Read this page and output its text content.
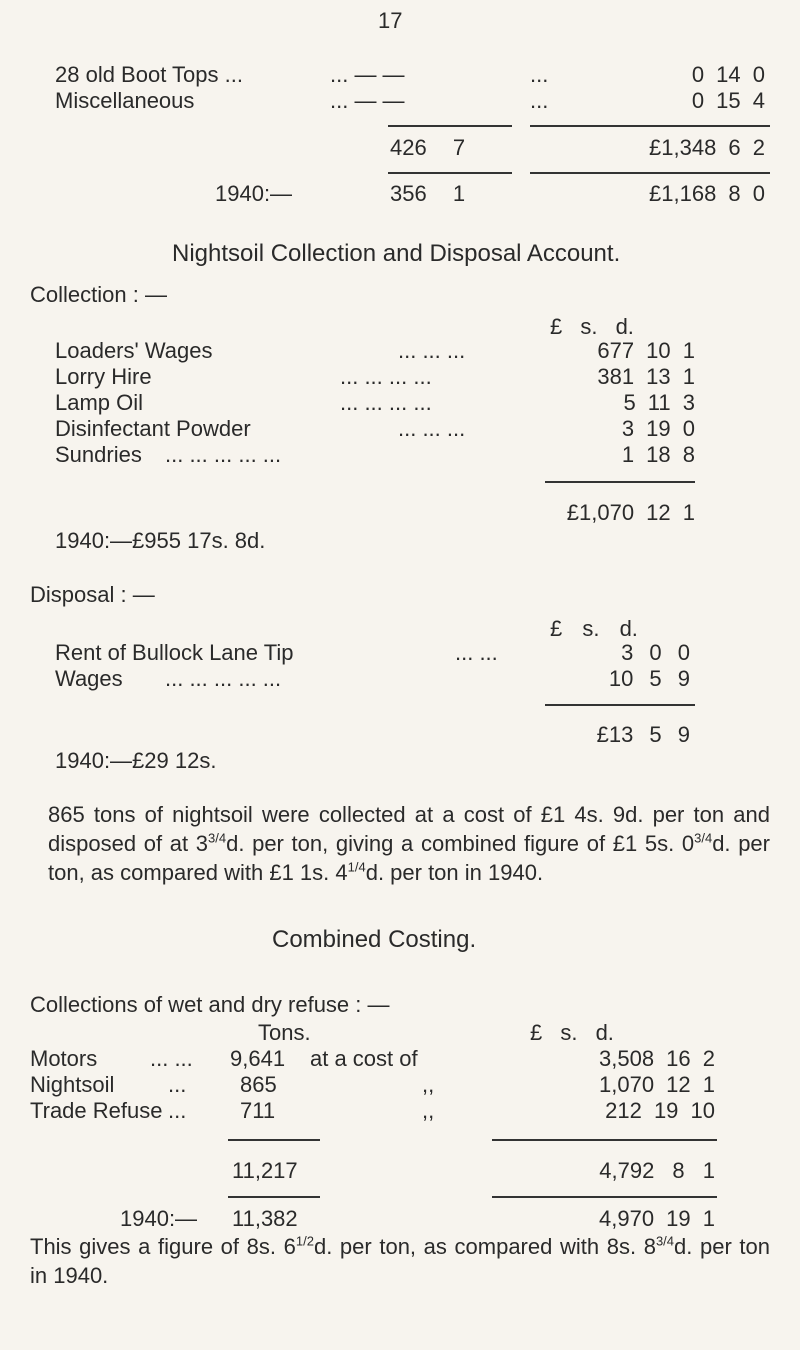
17
28 old Boot Tops ...	... — —	...	0 14 0
Miscellaneous	... — —	...	0 15 4
426 7	£1,348 6 2
1940:—	356 1	£1,168 8 0
Nightsoil Collection and Disposal Account.
Collection : —
£ s. d.
Loaders' Wages	... ... ...	677 10 1
Lorry Hire	... ... ... ...	381 13 1
Lamp Oil	... ... ... ...	5 11 3
Disinfectant Powder	... ... ...	3 19 0
Sundries ... ... ... ... ...	1 18 8
£1,070 12 1
1940:—£955 17s. 8d.
Disposal : —
£ s. d.
Rent of Bullock Lane Tip	... ...	3 0 0
Wages ... ... ... ... ...	10 5 9
£13 5 9
1940:—£29 12s.
865 tons of nightsoil were collected at a cost of £1 4s. 9d. per ton and disposed of at $3^{3/4}d$. per ton, giving a combined figure of £1 5s. $0^{3/4}d$. per ton, as compared with £1 1s. $4^{1/4}d$. per ton in 1940.
Combined Costing.
Collections of wet and dry refuse : —
Tons.	£ s. d.
Motors ... ... 9,641 at a cost of	3,508 16 2
Nightsoil ... 865	,,	1,070 12 1
Trade Refuse ... 711	,,	212 19 10
11,217	4,792 8 1
1940:— 11,382	4,970 19 1
This gives a figure of 8s. $6^{1/2}d$. per ton, as compared with 8s. $8^{3/4}d$. per ton in 1940.
